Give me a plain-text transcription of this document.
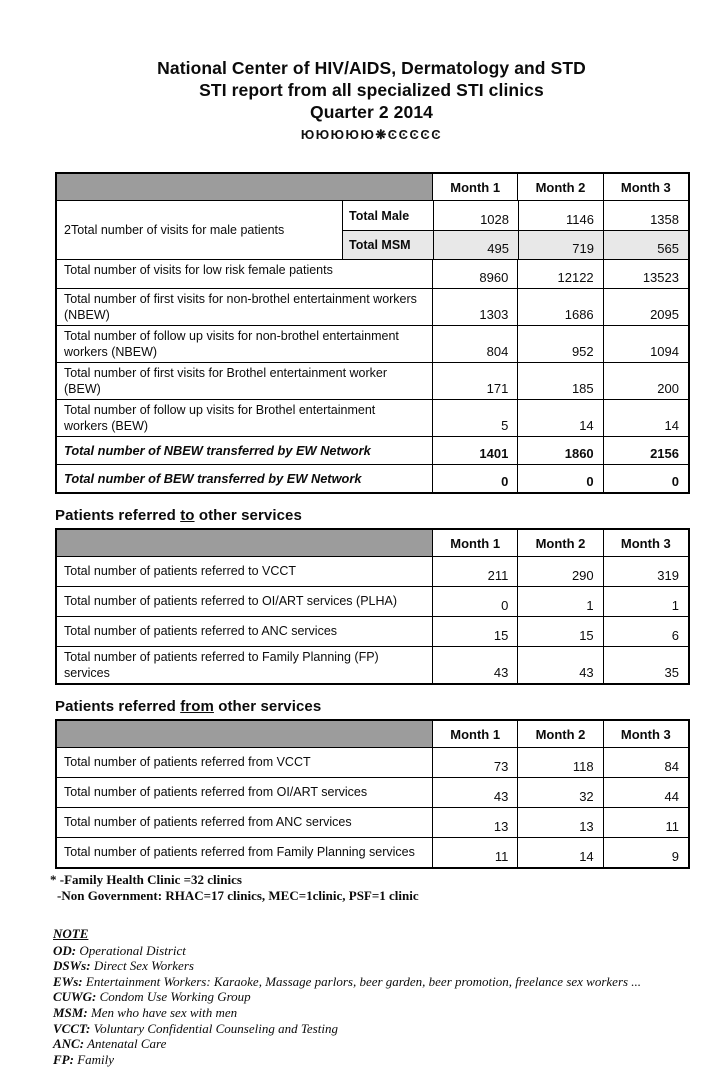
National Center of HIV/AIDS, Dermatology and STD
STI report from all specialized STI clinics
Quarter 2 2014
ЮЮЮЮЮ❋ϾϾϾϾϾ
Month 1	Month 2	Month 3
2Total number of visits for male patients
Total Male	1028	1146	1358
Total MSM	495	719	565
Total number of visits for low risk female patients	8960	12122	13523
Total number of first visits for non-brothel entertainment workers (NBEW)	1303	1686	2095
Total number of follow up visits for non-brothel entertainment workers (NBEW)	804	952	1094
Total number of first visits for Brothel entertainment worker (BEW)	171	185	200
Total number of follow up visits for Brothel entertainment workers (BEW)	5	14	14
Total number of NBEW transferred by EW Network	1401	1860	2156
Total number of BEW transferred by EW Network	0	0	0
Patients referred to other services
Month 1	Month 2	Month 3
Total number of patients referred to VCCT	211	290	319
Total number of patients referred to OI/ART services (PLHA)	0	1	1
Total number of patients referred to ANC services	15	15	6
Total number of patients referred to Family Planning (FP) services	43	43	35
Patients referred from other services
Month 1	Month 2	Month 3
Total number of patients referred from VCCT	73	118	84
Total number of patients referred from OI/ART services	43	32	44
Total number of patients referred from ANC services	13	13	11
Total number of patients referred from Family Planning services	11	14	9
* -Family Health Clinic =32 clinics
-Non Government: RHAC=17 clinics, MEC=1clinic, PSF=1 clinic
NOTE
OD: Operational District
DSWs: Direct Sex Workers
EWs: Entertainment Workers: Karaoke, Massage parlors, beer garden, beer promotion, freelance sex workers ...
CUWG: Condom Use Working Group
MSM: Men who have sex with men
VCCT: Voluntary Confidential Counseling and Testing
ANC: Antenatal Care
FP: Family
